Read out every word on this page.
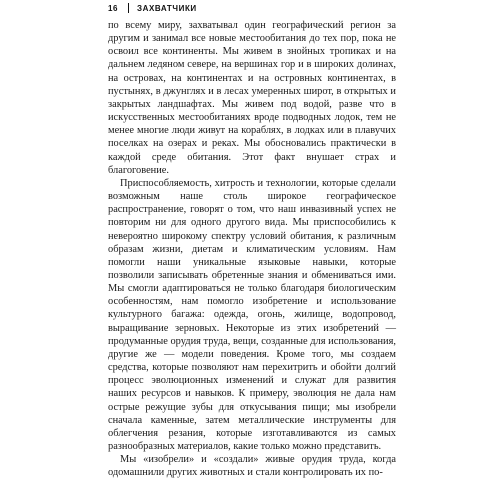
16	ЗАХВАТЧИКИ

по всему миру, захватывал один географический регион за другим и занимал все новые местообитания до тех пор, пока не освоил все континенты. Мы живем в знойных тропиках и на дальнем ледяном севере, на вершинах гор и в широких долинах, на островах, на континентах и на островных континентах, в пустынях, в джунглях и в лесах умеренных широт, в открытых и закрытых ландшафтах. Мы живем под водой, разве что в искусственных местообитаниях вроде подводных лодок, тем не менее многие люди живут на кораблях, в лодках или в плавучих поселках на озерах и реках. Мы обосновались практически в каждой среде обитания. Этот факт внушает страх и благоговение.

Приспособляемость, хитрость и технологии, которые сделали возможным наше столь широкое географическое распространение, говорят о том, что наш инвазивный успех не повторим ни для одного другого вида. Мы приспособились к невероятно широкому спектру условий обитания, к различным образам жизни, диетам и климатическим условиям. Нам помогли наши уникальные языковые навыки, которые позволили записывать обретенные знания и обмениваться ими. Мы смогли адаптироваться не только благодаря биологическим особенностям, нам помогло изобретение и использование культурного багажа: одежда, огонь, жилище, водопровод, выращивание зерновых. Некоторые из этих изобретений — продуманные орудия труда, вещи, созданные для использования, другие же — модели поведения. Кроме того, мы создаем средства, которые позволяют нам перехитрить и обойти долгий процесс эволюционных изменений и служат для развития наших ресурсов и навыков. К примеру, эволюция не дала нам острые режущие зубы для откусывания пищи; мы изобрели сначала каменные, затем металлические инструменты для облегчения резания, которые изготавливаются из самых разнообразных материалов, какие только можно представить.

Мы «изобрели» и «создали» живые орудия труда, когда одомашнили других животных и стали контролировать их по-
